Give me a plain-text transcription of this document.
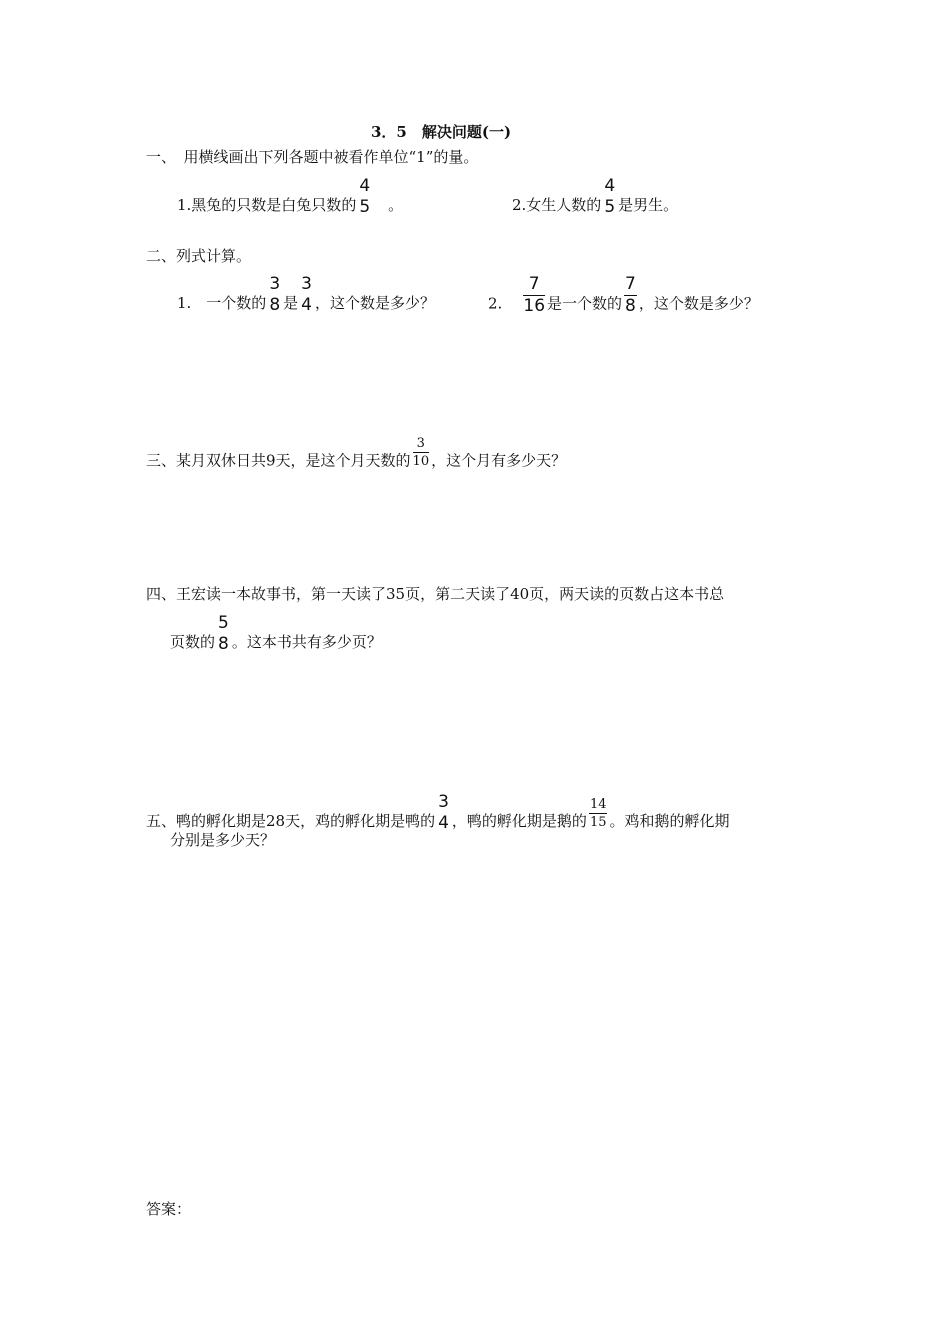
3．5　解决问题(一)
一、　用横线画出下列各题中被看作单位“1”的量。
1.黑兔的只数是白兔只数的
4
5 　。	2.女生人数的
4
5 是男生。
二、列式计算。
1.　一个数的
3
8 是
3
4 ，这个数是多少？	2. $\frac{7}{16}$ 是一个数的 $\frac{7}{8}$ ，这个数是多少？
三、某月双休日共9天，是这个月天数的 $\frac{3}{10}$ ，这个月有多少天？
四、王宏读一本故事书，第一天读了35页，第二天读了40页，两天读的页数占这本书总
页数的
5
8 。这本书共有多少页？
五、鸭的孵化期是28天，鸡的孵化期是鸭的
3
4 ，鸭的孵化期是鹅的 $\frac{14}{15}$ 。鸡和鹅的孵化期
分别是多少天？
答案：
